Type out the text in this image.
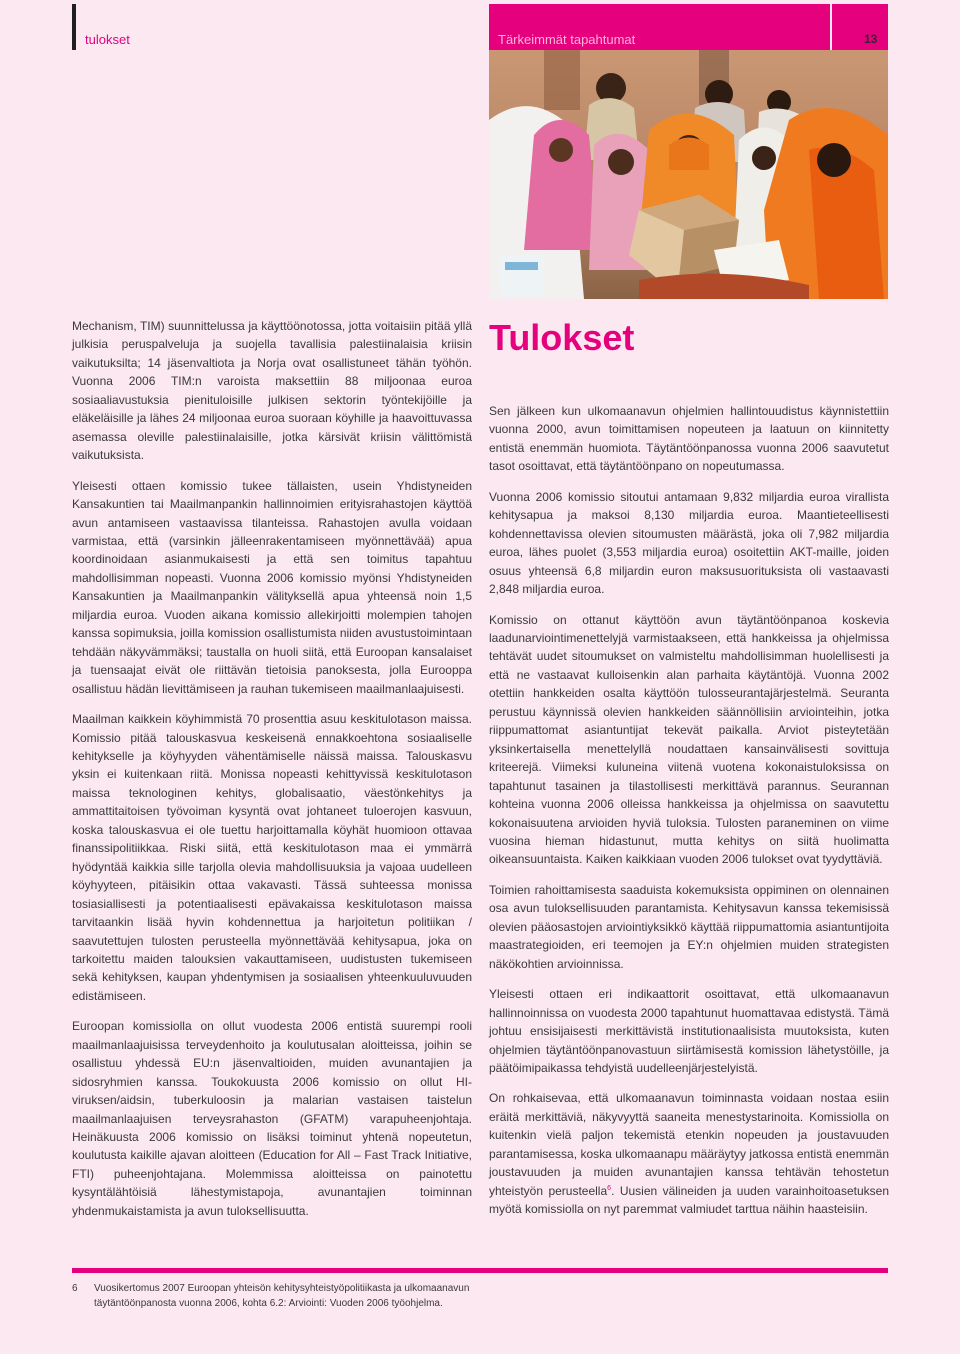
tulokset	Tärkeimmät tapahtumat	13

Mechanism, TIM) suunnittelussa ja käyttöönotossa, jotta voitaisiin pitää yllä julkisia peruspalveluja ja suojella tavallisia palestiinalaisia kriisin vaikutuksilta; 14 jäsenvaltiota ja Norja ovat osallistuneet tähän työhön. Vuonna 2006 TIM:n varoista maksettiin 88 miljoonaa euroa sosiaaliavustuksia pienituloisille julkisen sektorin työntekijöille ja eläkeläisille ja lähes 24 miljoonaa euroa suoraan köyhille ja haavoittuvassa asemassa oleville palestiinalaisille, jotka kärsivät kriisin välittömistä vaikutuksista.

Yleisesti ottaen komissio tukee tällaisten, usein Yhdistyneiden Kansakuntien tai Maailmanpankin hallinnoimien erityisrahastojen käyttöä avun antamiseen vastaavissa tilanteissa. Rahastojen avulla voidaan varmistaa, että (varsinkin jälleenrakentamiseen myönnettävää) apua koordinoidaan asianmukaisesti ja että sen toimitus tapahtuu mahdollisimman nopeasti. Vuonna 2006 komissio myönsi Yhdistyneiden Kansakuntien ja Maailmanpankin välityksellä apua yhteensä noin 1,5 miljardia euroa. Vuoden aikana komissio allekirjoitti molempien tahojen kanssa sopimuksia, joilla komission osallistumista niiden avustustoimintaan tehdään näkyvämmäksi; taustalla on huoli siitä, että Euroopan kansalaiset ja tuensaajat eivät ole riittävän tietoisia panoksesta, jolla Eurooppa osallistuu hädän lievittämiseen ja rauhan tukemiseen maailmanlaajuisesti.

Maailman kaikkein köyhimmistä 70 prosenttia asuu keskitulotason maissa. Komissio pitää talouskasvua keskeisenä ennakkoehtona sosiaaliselle kehitykselle ja köyhyyden vähentämiselle näissä maissa. Talouskasvu yksin ei kuitenkaan riitä. Monissa nopeasti kehittyvissä keskitulotason maissa teknologinen kehitys, globalisaatio, väestönkehitys ja ammattitaitoisen työvoiman kysyntä ovat johtaneet tuloerojen kasvuun, koska talouskasvua ei ole tuettu harjoittamalla köyhät huomioon ottavaa finanssipolitiikkaa. Riski siitä, että keskitulotason maa ei ymmärrä hyödyntää kaikkia sille tarjolla olevia mahdollisuuksia ja vajoaa uudelleen köyhyyteen, pitäisikin ottaa vakavasti. Tässä suhteessa monissa tosiasiallisesti ja potentiaalisesti epävakaissa keskitulotason maissa tarvitaankin lisää hyvin kohdennettua ja harjoitetun politiikan / saavutettujen tulosten perusteella myönnettävää kehitysapua, joka on tarkoitettu maiden talouksien vakauttamiseen, uudistusten tukemiseen sekä kehityksen, kaupan yhdentymisen ja sosiaalisen yhteenkuuluvuuden edistämiseen.

Euroopan komissiolla on ollut vuodesta 2006 entistä suurempi rooli maailmanlaajuisissa terveydenhoito ja koulutusalan aloitteissa, joihin se osallistuu yhdessä EU:n jäsenvaltioiden, muiden avunantajien ja sidosryhmien kanssa. Toukokuusta 2006 komissio on ollut HI-viruksen/aidsin, tuberkuloosin ja malarian vastaisen taistelun maailmanlaajuisen terveysrahaston (GFATM) varapuheenjohtaja. Heinäkuusta 2006 komissio on lisäksi toiminut yhtenä nopeutetun, koulutusta kaikille ajavan aloitteen (Education for All – Fast Track Initiative, FTI) puheenjohtajana. Molemmissa aloitteissa on painotettu kysyntälähtöisiä lähestymistapoja, avunantajien toiminnan yhdenmukaistamista ja avun tuloksellisuutta.

Tulokset

Sen jälkeen kun ulkomaanavun ohjelmien hallintouudistus käynnistettiin vuonna 2000, avun toimittamisen nopeuteen ja laatuun on kiinnitetty entistä enemmän huomiota. Täytäntöönpanossa vuonna 2006 saavutetut tasot osoittavat, että täytäntöönpano on nopeutumassa.

Vuonna 2006 komissio sitoutui antamaan 9,832 miljardia euroa virallista kehitysapua ja maksoi 8,130 miljardia euroa. Maantieteellisesti kohdennettavissa olevien sitoumusten määrästä, joka oli 7,982 miljardia euroa, lähes puolet (3,553 miljardia euroa) osoitettiin AKT-maille, joiden osuus yhteensä 6,8 miljardin euron maksusuorituksista oli vastaavasti 2,848 miljardia euroa.

Komissio on ottanut käyttöön avun täytäntöönpanoa koskevia laadunarviointimenettelyjä varmistaakseen, että hankkeissa ja ohjelmissa tehtävät uudet sitoumukset on valmisteltu mahdollisimman huolellisesti ja että ne vastaavat kulloisenkin alan parhaita käytäntöjä. Vuonna 2002 otettiin hankkeiden osalta käyttöön tulosseurantajärjestelmä. Seuranta perustuu käynnissä olevien hankkeiden säännöllisiin arviointeihin, jotka riippumattomat asiantuntijat tekevät paikalla. Arviot pisteytetään yksinkertaisella menettelyllä noudattaen kansainvälisesti sovittuja kriteerejä. Viimeksi kuluneina viitenä vuotena kokonaistuloksissa on tapahtunut tasainen ja tilastollisesti merkittävä parannus. Seurannan kohteina vuonna 2006 olleissa hankkeissa ja ohjelmissa on saavutettu kokonaisuutena arvioiden hyviä tuloksia. Tulosten paraneminen on viime vuosina hieman hidastunut, mutta kehitys on siitä huolimatta oikeansuuntaista. Kaiken kaikkiaan vuoden 2006 tulokset ovat tyydyttäviä.

Toimien rahoittamisesta saaduista kokemuksista oppiminen on olennainen osa avun tuloksellisuuden parantamista. Kehitysavun kanssa tekemisissä olevien pääosastojen arviointiyksikkö käyttää riippumattomia asiantuntijoita maastrategioiden, eri teemojen ja EY:n ohjelmien muiden strategisten näkökohtien arvioinnissa.

Yleisesti ottaen eri indikaattorit osoittavat, että ulkomaanavun hallinnoinnissa on vuodesta 2000 tapahtunut huomattavaa edistystä. Tämä johtuu ensisijaisesti merkittävistä institutionaalisista muutoksista, kuten ohjelmien täytäntöönpanovastuun siirtämisestä komission lähetystöille, ja päätöimipaikassa tehdyistä uudelleenjärjestelyistä.

On rohkaisevaa, että ulkomaanavun toiminnasta voidaan nostaa esiin eräitä merkittäviä, näkyvyyttä saaneita menestystarinoita. Komissiolla on kuitenkin vielä paljon tekemistä etenkin nopeuden ja joustavuuden parantamisessa, koska ulkomaanapu määräytyy jatkossa entistä enemmän joustavuuden ja muiden avunantajien kanssa tehtävän tehostetun yhteistyön perusteella$^6$. Uusien välineiden ja uuden varainhoitoasetuksen myötä komissiolla on nyt paremmat valmiudet tarttua näihin haasteisiin.

6 Vuosikertomus 2007 Euroopan yhteisön kehitysyhteistyöpolitiikasta ja ulkomaanavun täytäntöönpanosta vuonna 2006, kohta 6.2: Arviointi: Vuoden 2006 työohjelma.
